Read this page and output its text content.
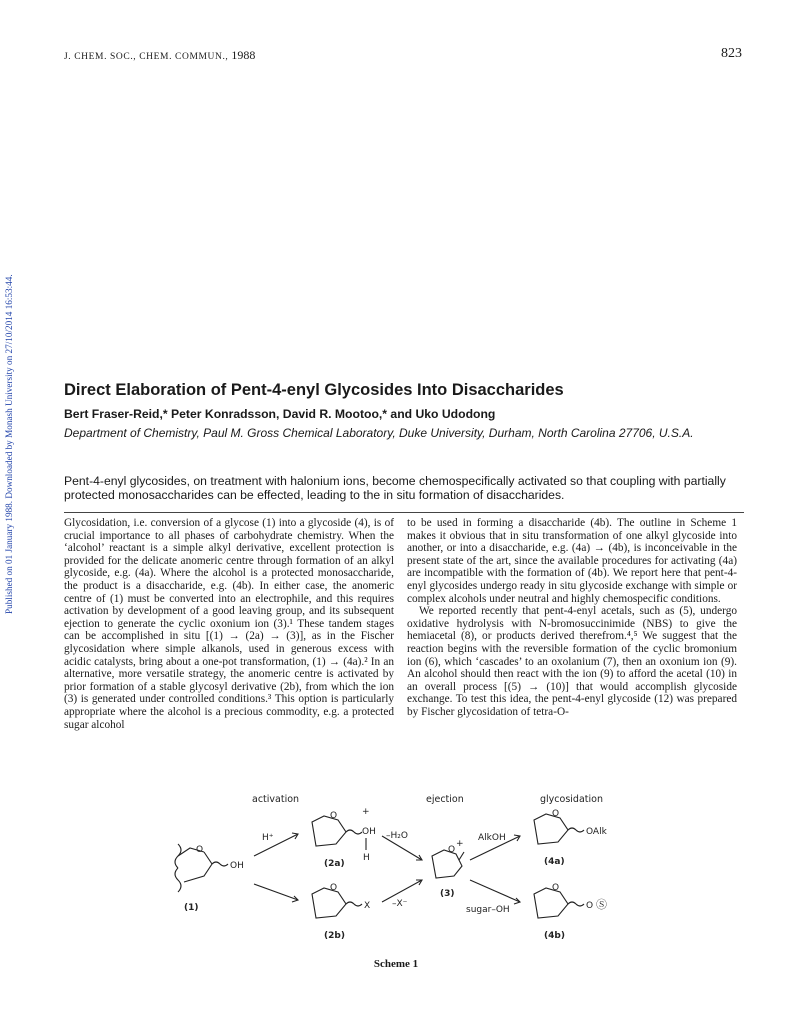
J. CHEM. SOC., CHEM. COMMUN., 1988	823
Published on 01 January 1988. Downloaded by Monash University on 27/10/2014 16:53:44.	Direct Elaboration of Pent-4-enyl Glycosides Into Disaccharides
Bert Fraser-Reid,* Peter Konradsson, David R. Mootoo,* and Uko Udodong
Department of Chemistry, Paul M. Gross Chemical Laboratory, Duke University, Durham, North Carolina 27706, U.S.A.
Pent-4-enyl glycosides, on treatment with halonium ions, become chemospecifically activated so that coupling with partially protected monosaccharides can be effected, leading to the in situ formation of disaccharides.

Glycosidation, i.e. conversion of a glycose (1) into a glycoside (4), is of crucial importance to all phases of carbohydrate chemistry. When the ‘alcohol’ reactant is a simple alkyl derivative, excellent protection is provided for the delicate anomeric centre through formation of an alkyl glycoside, e.g. (4a). Where the alcohol is a protected monosaccharide, the product is a disaccharide, e.g. (4b). In either case, the anomeric centre of (1) must be converted into an electrophile, and this requires activation by development of a good leaving group, and its subsequent ejection to generate the cyclic oxonium ion (3).¹ These tandem stages can be accomplished in situ [(1) → (2a) → (3)], as in the Fischer glycosidation where simple alkanols, used in generous excess with acidic catalysts, bring about a one-pot transformation, (1) → (4a).² In an alternative, more versatile strategy, the anomeric centre is activated by prior formation of a stable glycosyl derivative (2b), from which the ion (3) is generated under controlled conditions.³ This option is particularly appropriate where the alcohol is a precious commodity, e.g. a protected sugar alcohol

to be used in forming a disaccharide (4b). The outline in Scheme 1 makes it obvious that in situ transformation of one alkyl glycoside into another, or into a disaccharide, e.g. (4a) → (4b), is inconceivable in the present state of the art, since the available procedures for activating (4a) are incompatible with the formation of (4b). We report here that pent-4-enyl glycosides undergo ready in situ glycoside exchange with simple or complex alcohols under neutral and highly chemospecific conditions.

We reported recently that pent-4-enyl acetals, such as (5), undergo oxidative hydrolysis with N-bromosuccinimide (NBS) to give the hemiacetal (8), or products derived therefrom.⁴,⁵ We suggest that the reaction begins with the reversible formation of the cyclic bromonium ion (6), which ‘cascades’ to an oxolanium (7), then an oxonium ion (9). An alcohol should then react with the ion (9) to afford the acetal (10) in an overall process [(5) → (10)] that would accomplish glycoside exchange. To test this idea, the pent-4-enyl glycoside (12) was prepared by Fischer glycosidation of tetra-O-

activation	ejection	glycosidation
O
OH
(1)
H⁺
O	+
OH
H
(2a)
–H₂O
O
X
(2b)
–X⁻
O
+
(3)
AlkOH
O
OAlk
(4a)
sugar–OH
O
O Ⓢ
(4b)
Scheme 1
